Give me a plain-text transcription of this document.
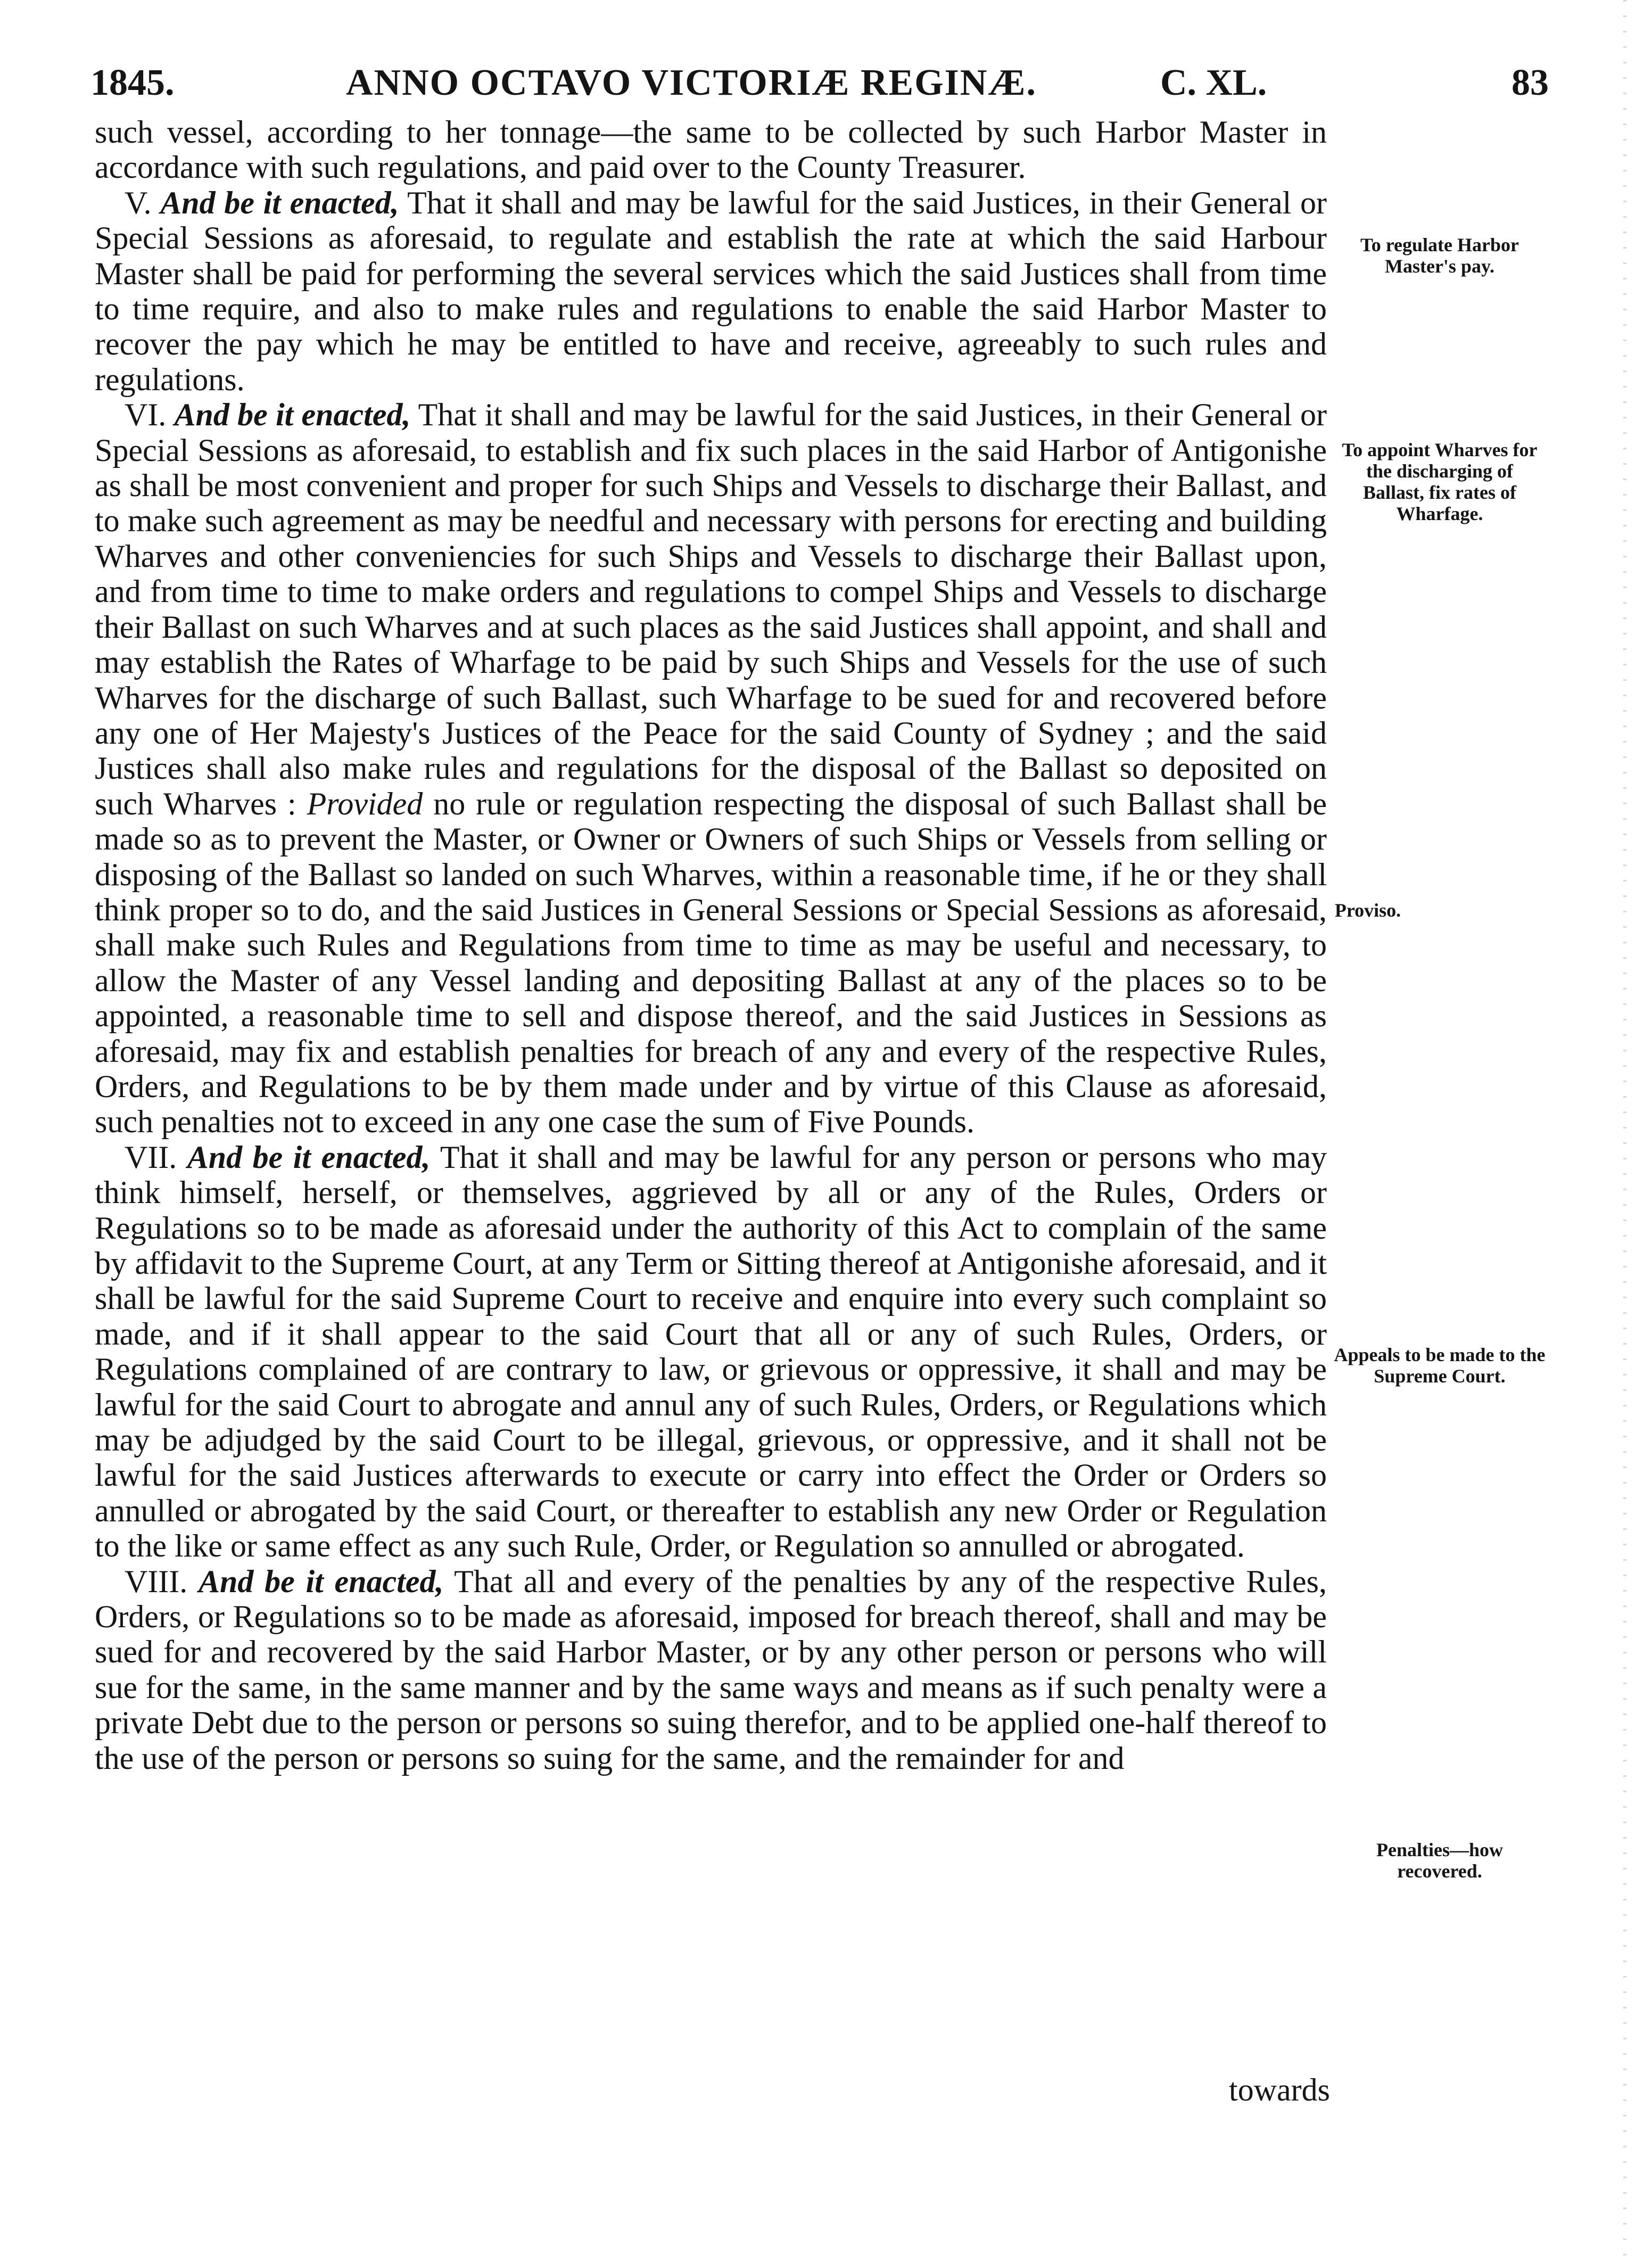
1845.	ANNO OCTAVO VICTORIÆ REGINÆ.	C. XL.	83

such vessel, according to her tonnage—the same to be collected by such Harbor Master in accordance with such regulations, and paid over to the County Treasurer.

V. And be it enacted, That it shall and may be lawful for the said Justices, in their General or Special Sessions as aforesaid, to regulate and establish the rate at which the said Harbour Master shall be paid for performing the several services which the said Justices shall from time to time require, and also to make rules and regulations to enable the said Harbor Master to recover the pay which he may be entitled to have and receive, agreeably to such rules and regulations.

VI. And be it enacted, That it shall and may be lawful for the said Justices, in their General or Special Sessions as aforesaid, to establish and fix such places in the said Harbor of Antigonishe as shall be most convenient and proper for such Ships and Vessels to discharge their Ballast, and to make such agreement as may be needful and necessary with persons for erecting and building Wharves and other conveniencies for such Ships and Vessels to discharge their Ballast upon, and from time to time to make orders and regulations to compel Ships and Vessels to discharge their Ballast on such Wharves and at such places as the said Justices shall appoint, and shall and may establish the Rates of Wharfage to be paid by such Ships and Vessels for the use of such Wharves for the discharge of such Ballast, such Wharfage to be sued for and recovered before any one of Her Majesty's Justices of the Peace for the said County of Sydney ; and the said Justices shall also make rules and regulations for the disposal of the Ballast so deposited on such Wharves : Provided no rule or regulation respecting the disposal of such Ballast shall be made so as to prevent the Master, or Owner or Owners of such Ships or Vessels from selling or disposing of the Ballast so landed on such Wharves, within a reasonable time, if he or they shall think proper so to do, and the said Justices in General Sessions or Special Sessions as aforesaid, shall make such Rules and Regulations from time to time as may be useful and necessary, to allow the Master of any Vessel landing and depositing Ballast at any of the places so to be appointed, a reasonable time to sell and dispose thereof, and the said Justices in Sessions as aforesaid, may fix and establish penalties for breach of any and every of the respective Rules, Orders, and Regulations to be by them made under and by virtue of this Clause as aforesaid, such penalties not to exceed in any one case the sum of Five Pounds.

VII. And be it enacted, That it shall and may be lawful for any person or persons who may think himself, herself, or themselves, aggrieved by all or any of the Rules, Orders or Regulations so to be made as aforesaid under the authority of this Act to complain of the same by affidavit to the Supreme Court, at any Term or Sitting thereof at Antigonishe aforesaid, and it shall be lawful for the said Supreme Court to receive and enquire into every such complaint so made, and if it shall appear to the said Court that all or any of such Rules, Orders, or Regulations complained of are contrary to law, or grievous or oppressive, it shall and may be lawful for the said Court to abrogate and annul any of such Rules, Orders, or Regulations which may be adjudged by the said Court to be illegal, grievous, or oppressive, and it shall not be lawful for the said Justices afterwards to execute or carry into effect the Order or Orders so annulled or abrogated by the said Court, or thereafter to establish any new Order or Regulation to the like or same effect as any such Rule, Order, or Regulation so annulled or abrogated.

VIII. And be it enacted, That all and every of the penalties by any of the respective Rules, Orders, or Regulations so to be made as aforesaid, imposed for breach thereof, shall and may be sued for and recovered by the said Harbor Master, or by any other person or persons who will sue for the same, in the same manner and by the same ways and means as if such penalty were a private Debt due to the person or persons so suing therefor, and to be applied one-half thereof to the use of the person or persons so suing for the same, and the remainder for and

towards
To regulate Harbor Master's pay.
To appoint Wharves for the discharging of Ballast, fix rates of Wharfage.
Proviso.
Appeals to be made to the Supreme Court.
Penalties—how recovered.
